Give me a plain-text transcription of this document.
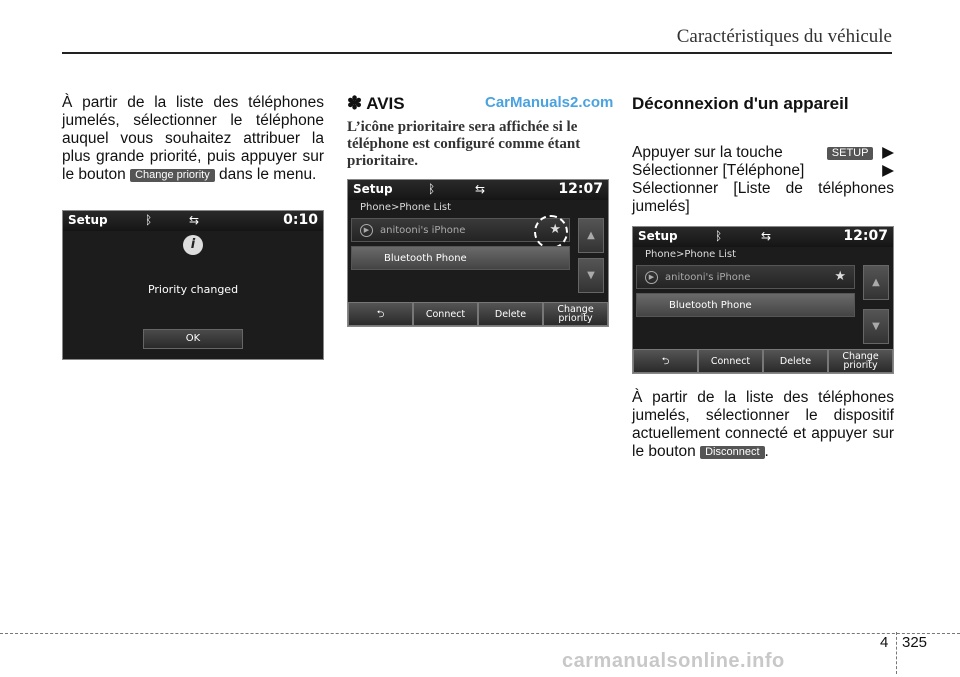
Caractéristiques du véhicule
À partir de la liste des téléphones jumelés, sélectionner le téléphone auquel vous souhaitez attribuer la plus grande priorité, puis appuyer sur le bouton Change priority dans le menu.
Setup	ᛒ	⇆	0:10
i
Priority changed
OK
✽ AVIS	CarManuals2.com
L’icône prioritaire sera affichée si le téléphone est configuré comme étant prioritaire.
Setup	ᛒ	⇆	12:07
Phone>Phone List
▶	anitooni's iPhone	★
Bluetooth Phone
▲
▼
⮌	Connect	Delete	Change priority
Déconnexion d'un appareil
Appuyer sur la touche	SETUP  ▶
Sélectionner [Téléphone]	▶
Sélectionner [Liste de téléphones jumelés]
Setup	ᛒ	⇆	12:07
Phone>Phone List
▶	anitooni's iPhone	★
Bluetooth Phone
▲
▼
⮌	Connect	Delete	Change priority
À partir de la liste des téléphones jumelés, sélectionner le dispositif actuellement connecté et appuyer sur le bouton Disconnect .
4 325
carmanualsonline.info
